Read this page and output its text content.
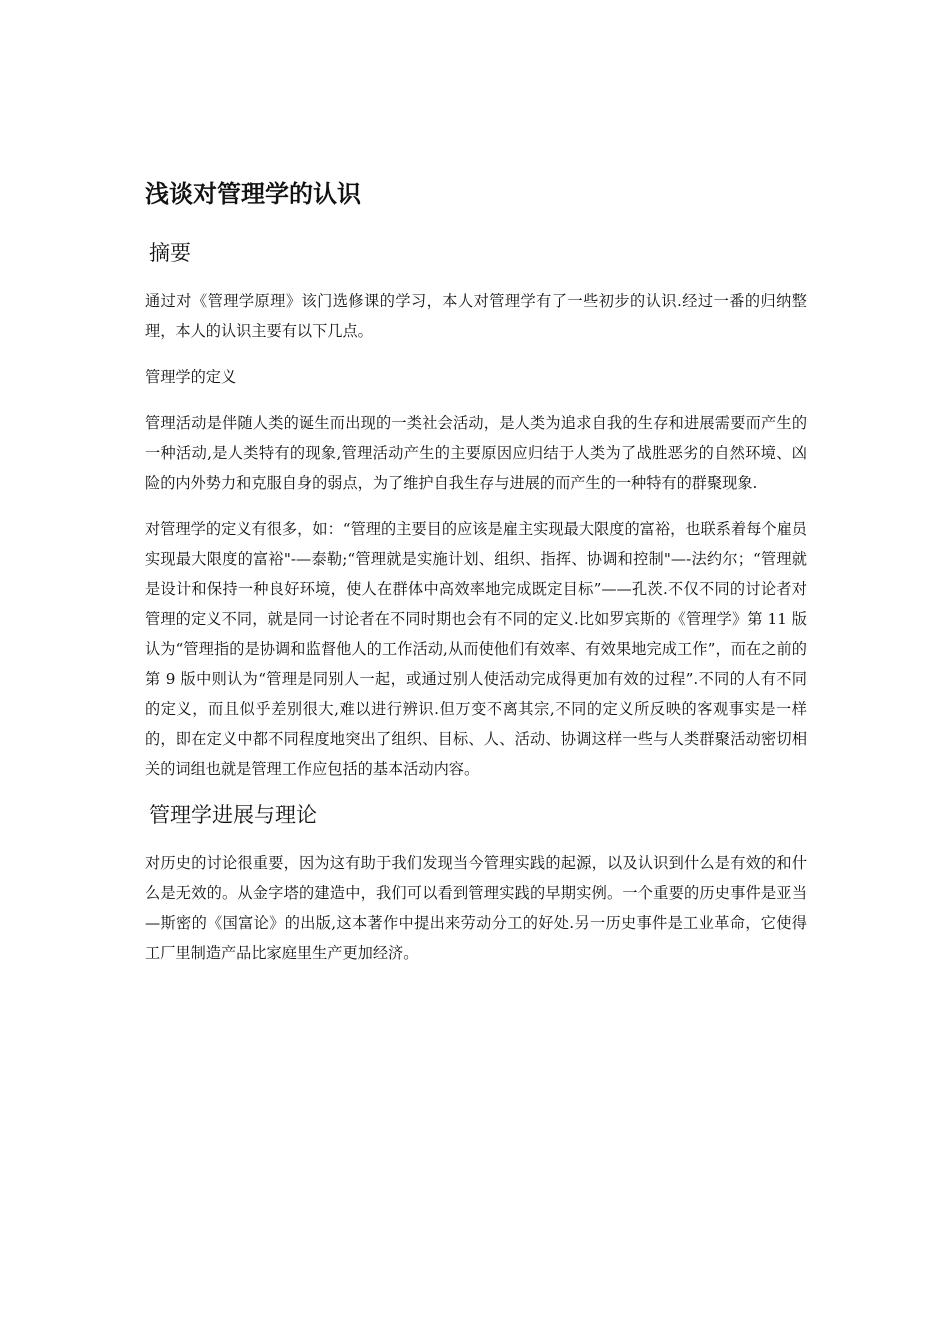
浅谈对管理学的认识
摘要

通过对《管理学原理》该门选修课的学习，本人对管理学有了一些初步的认识.经过一番的归纳整理，本人的认识主要有以下几点。

管理学的定义

管理活动是伴随人类的诞生而出现的一类社会活动，是人类为追求自我的生存和进展需要而产生的一种活动,是人类特有的现象,管理活动产生的主要原因应归结于人类为了战胜恶劣的自然环境、凶险的内外势力和克服自身的弱点，为了维护自我生存与进展的而产生的一种特有的群聚现象.

对管理学的定义有很多，如：“管理的主要目的应该是雇主实现最大限度的富裕，也联系着每个雇员实现最大限度的富裕"-—泰勒;“管理就是实施计划、组织、指挥、协调和控制"—-法约尔；“管理就是设计和保持一种良好环境，使人在群体中高效率地完成既定目标”——孔茨.不仅不同的讨论者对管理的定义不同，就是同一讨论者在不同时期也会有不同的定义.比如罗宾斯的《管理学》第 11 版认为“管理指的是协调和监督他人的工作活动,从而使他们有效率、有效果地完成工作”，而在之前的第 9 版中则认为“管理是同别人一起，或通过别人使活动完成得更加有效的过程”.不同的人有不同的定义，而且似乎差别很大,难以进行辨识.但万变不离其宗,不同的定义所反映的客观事实是一样的，即在定义中都不同程度地突出了组织、目标、人、活动、协调这样一些与人类群聚活动密切相关的词组也就是管理工作应包括的基本活动内容。

管理学进展与理论

对历史的讨论很重要，因为这有助于我们发现当今管理实践的起源，以及认识到什么是有效的和什么是无效的。从金字塔的建造中，我们可以看到管理实践的早期实例。一个重要的历史事件是亚当—斯密的《国富论》的出版,这本著作中提出来劳动分工的好处.另一历史事件是工业革命，它使得工厂里制造产品比家庭里生产更加经济。
